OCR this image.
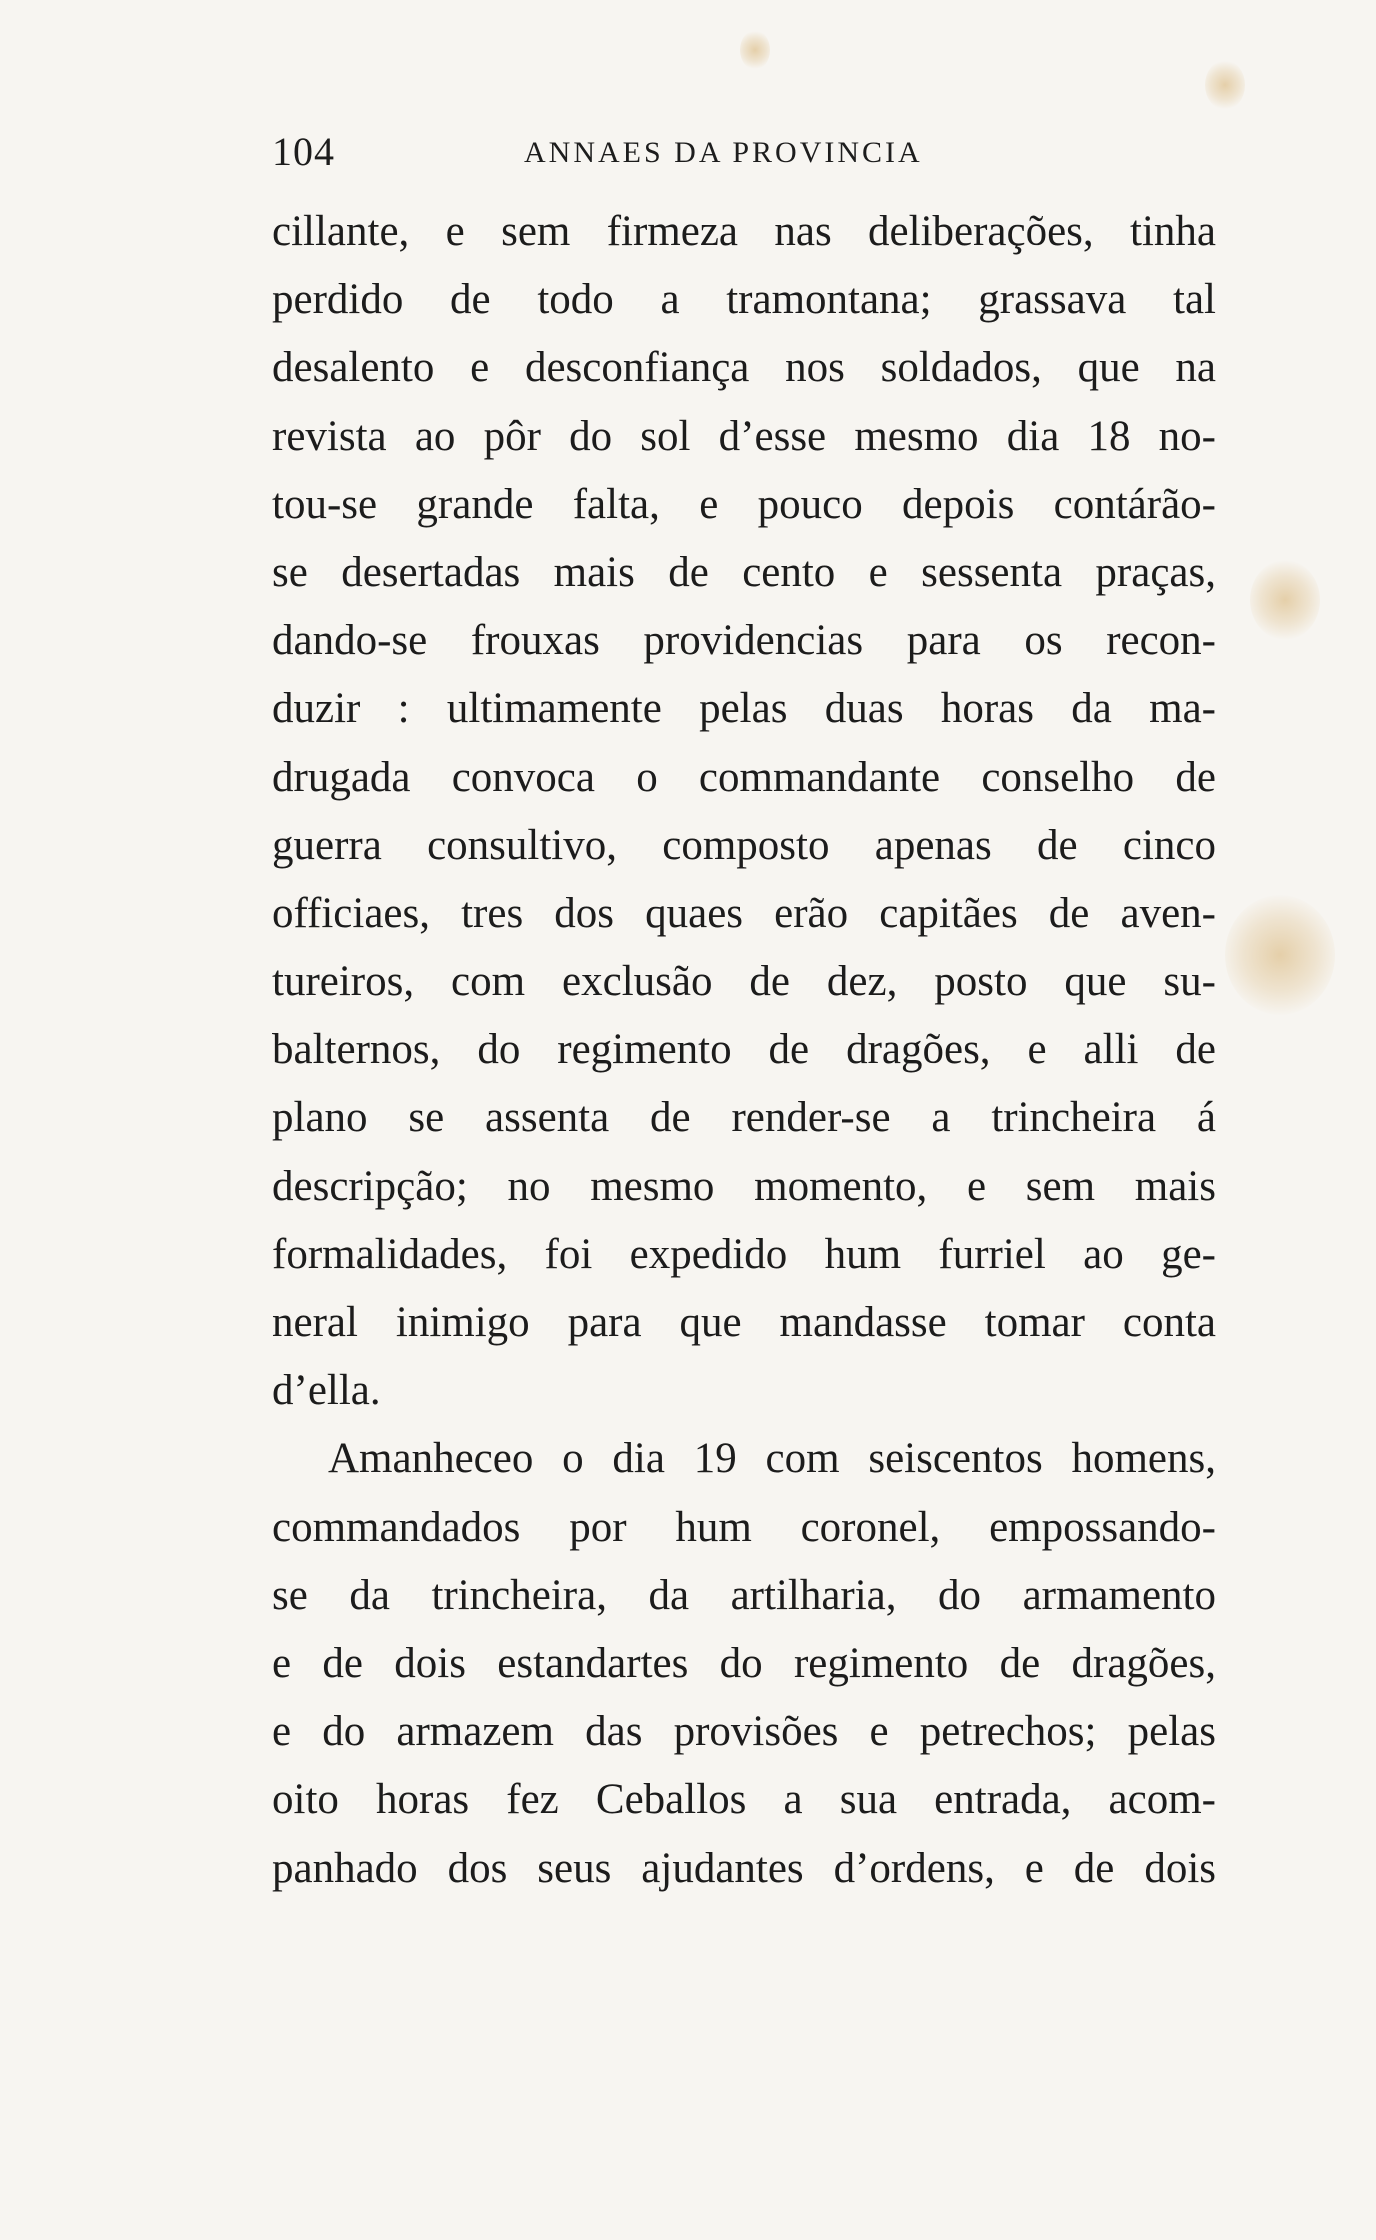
104	ANNAES DA PROVINCIA
cillante, e sem firmeza nas deliberações, tinha
perdido de todo a tramontana; grassava tal
desalento e desconfiança nos soldados, que na
revista ao pôr do sol d’esse mesmo dia 18 no-
tou-se grande falta, e pouco depois contárão-
se desertadas mais de cento e sessenta praças,
dando-se frouxas providencias para os recon-
duzir : ultimamente pelas duas horas da ma-
drugada convoca o commandante conselho de
guerra consultivo, composto apenas de cinco
officiaes, tres dos quaes erão capitães de aven-
tureiros, com exclusão de dez, posto que su-
balternos, do regimento de dragões, e alli de
plano se assenta de render-se a trincheira á
descripção; no mesmo momento, e sem mais
formalidades, foi expedido hum furriel ao ge-
neral inimigo para que mandasse tomar conta
d’ella.
Amanheceo o dia 19 com seiscentos homens,
commandados por hum coronel, empossando-
se da trincheira, da artilharia, do armamento
e de dois estandartes do regimento de dragões,
e do armazem das provisões e petrechos; pelas
oito horas fez Ceballos a sua entrada, acom-
panhado dos seus ajudantes d’ordens, e de dois
